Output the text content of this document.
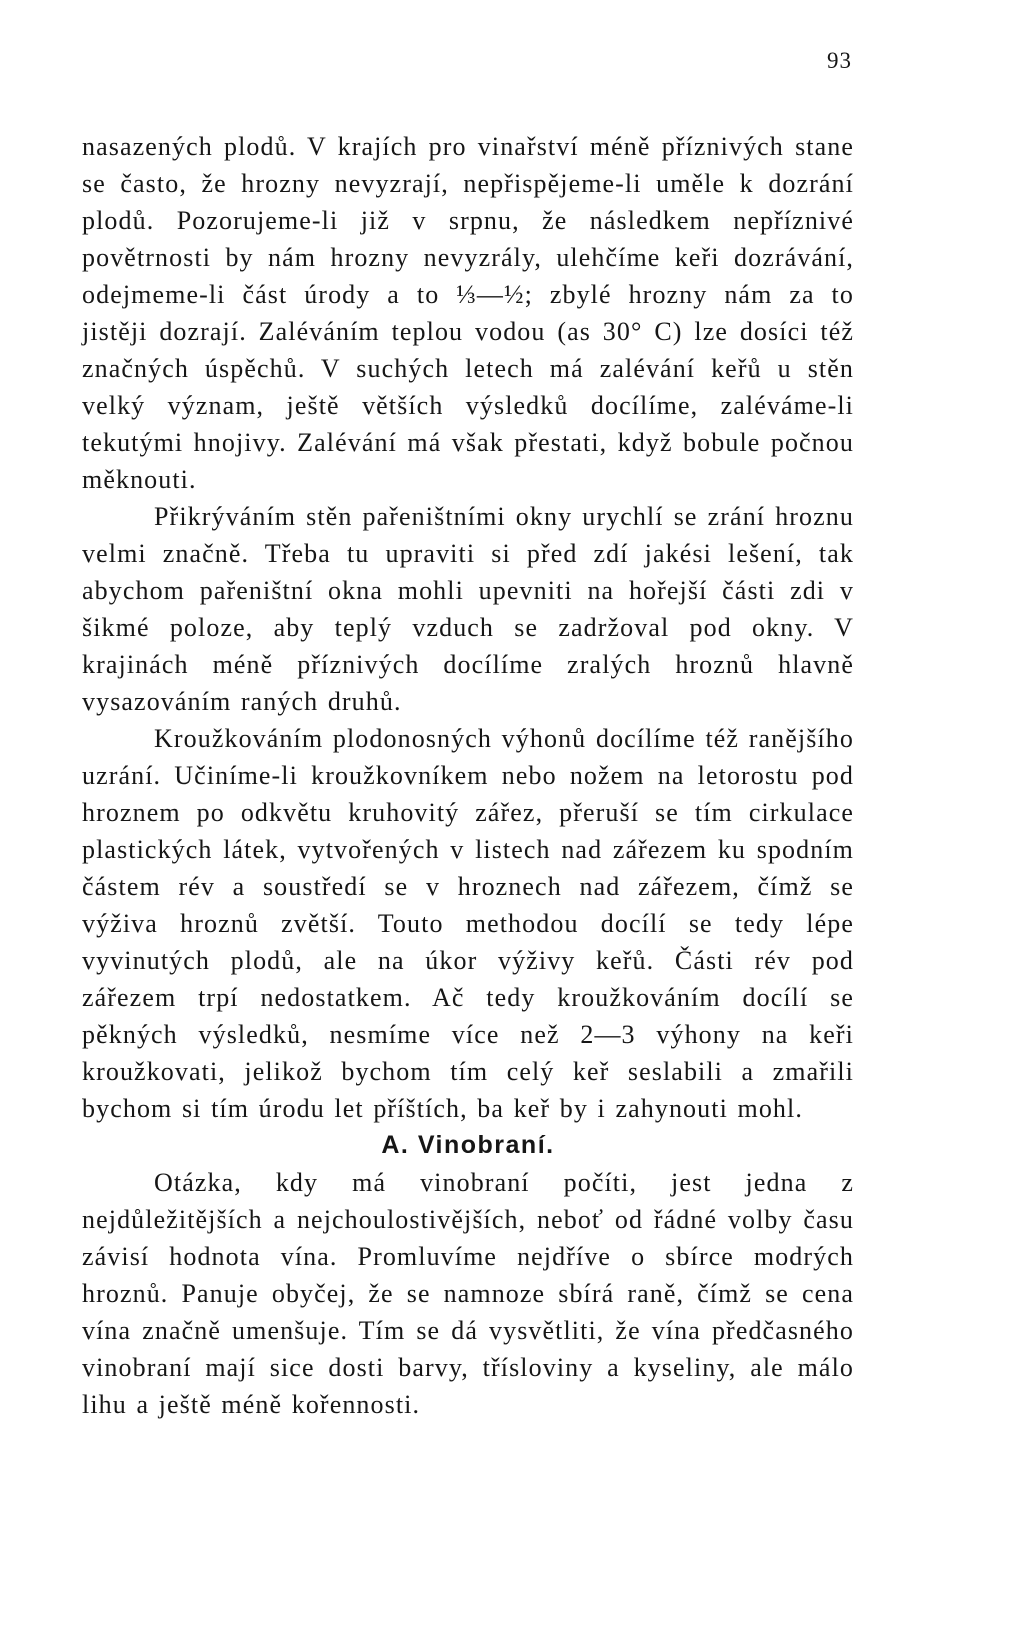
93

nasazených plodů. V krajích pro vinařství méně příznivých stane se často, že hrozny nevyzrají, nepřispějeme-li uměle k dozrání plodů. Pozorujeme-li již v srpnu, že následkem nepříznivé povětrnosti by nám hrozny nevyzrály, ulehčíme keři dozrávání, odejmeme-li část úrody a to ⅓—½; zbylé hrozny nám za to jistěji dozrají. Zaléváním teplou vodou (as 30° C) lze dosíci též značných úspěchů. V suchých letech má zalévání keřů u stěn velký význam, ještě větších výsledků docílíme, zaléváme-li tekutými hnojivy. Zalévání má však přestati, když bobule počnou měknouti.

Přikrýváním stěn pařeništními okny urychlí se zrání hroznu velmi značně. Třeba tu upraviti si před zdí jakési lešení, tak abychom pařeništní okna mohli upevniti na hořejší části zdi v šikmé poloze, aby teplý vzduch se zadržoval pod okny. V krajinách méně příznivých docílíme zralých hroznů hlavně vysazováním raných druhů.

Kroužkováním plodonosných výhonů docílíme též ranějšího uzrání. Učiníme-li kroužkovníkem nebo nožem na letorostu pod hroznem po odkvětu kruhovitý zářez, přeruší se tím cirkulace plastických látek, vytvořených v listech nad zářezem ku spodním částem rév a soustředí se v hroznech nad zářezem, čímž se výživa hroznů zvětší. Touto methodou docílí se tedy lépe vyvinutých plodů, ale na úkor výživy keřů. Části rév pod zářezem trpí nedostatkem. Ač tedy kroužkováním docílí se pěkných výsledků, nesmíme více než 2—3 výhony na keři kroužkovati, jelikož bychom tím celý keř seslabili a zmařili bychom si tím úrodu let příštích, ba keř by i zahynouti mohl.

A. Vinobraní.

Otázka, kdy má vinobraní počíti, jest jedna z nejdůležitějších a nejchoulostivějších, neboť od řádné volby času závisí hodnota vína. Promluvíme nejdříve o sbírce modrých hroznů. Panuje obyčej, že se namnoze sbírá raně, čímž se cena vína značně umenšuje. Tím se dá vysvětliti, že vína předčasného vinobraní mají sice dosti barvy, třísloviny a kyseliny, ale málo lihu a ještě méně kořennosti.
